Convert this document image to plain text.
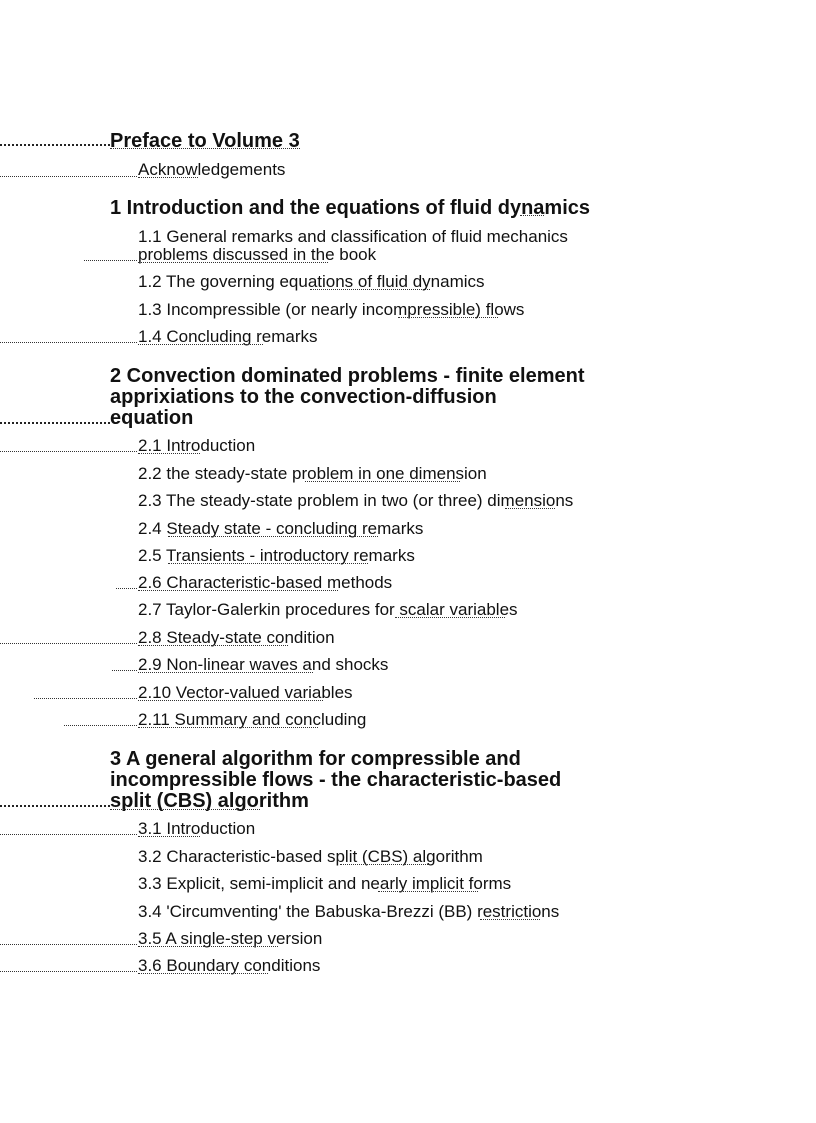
Preface to Volume 3
Acknowledgements
1 Introduction and the equations of fluid dynamics
1.1 General remarks and classification of fluid mechanics
problems discussed in the book
1.2 The governing equations of fluid dynamics
1.3 Incompressible (or nearly incompressible) flows
1.4 Concluding remarks
2 Convection dominated problems - finite element
apprixiations to the convection-diffusion
equation
2.1 Introduction
2.2 the steady-state problem in one dimension
2.3 The steady-state problem in two (or three) dimensions
2.4 Steady state - concluding remarks
2.5 Transients - introductory remarks
2.6 Characteristic-based methods
2.7 Taylor-Galerkin procedures for scalar variables
2.8 Steady-state condition
2.9 Non-linear waves and shocks
2.10 Vector-valued variables
2.11 Summary and concluding
3 A general algorithm for compressible and
incompressible flows - the characteristic-based
split (CBS) algorithm
3.1 Introduction
3.2 Characteristic-based split (CBS) algorithm
3.3 Explicit, semi-implicit and nearly implicit forms
3.4 'Circumventing' the Babuska-Brezzi (BB) restrictions
3.5 A single-step version
3.6 Boundary conditions
